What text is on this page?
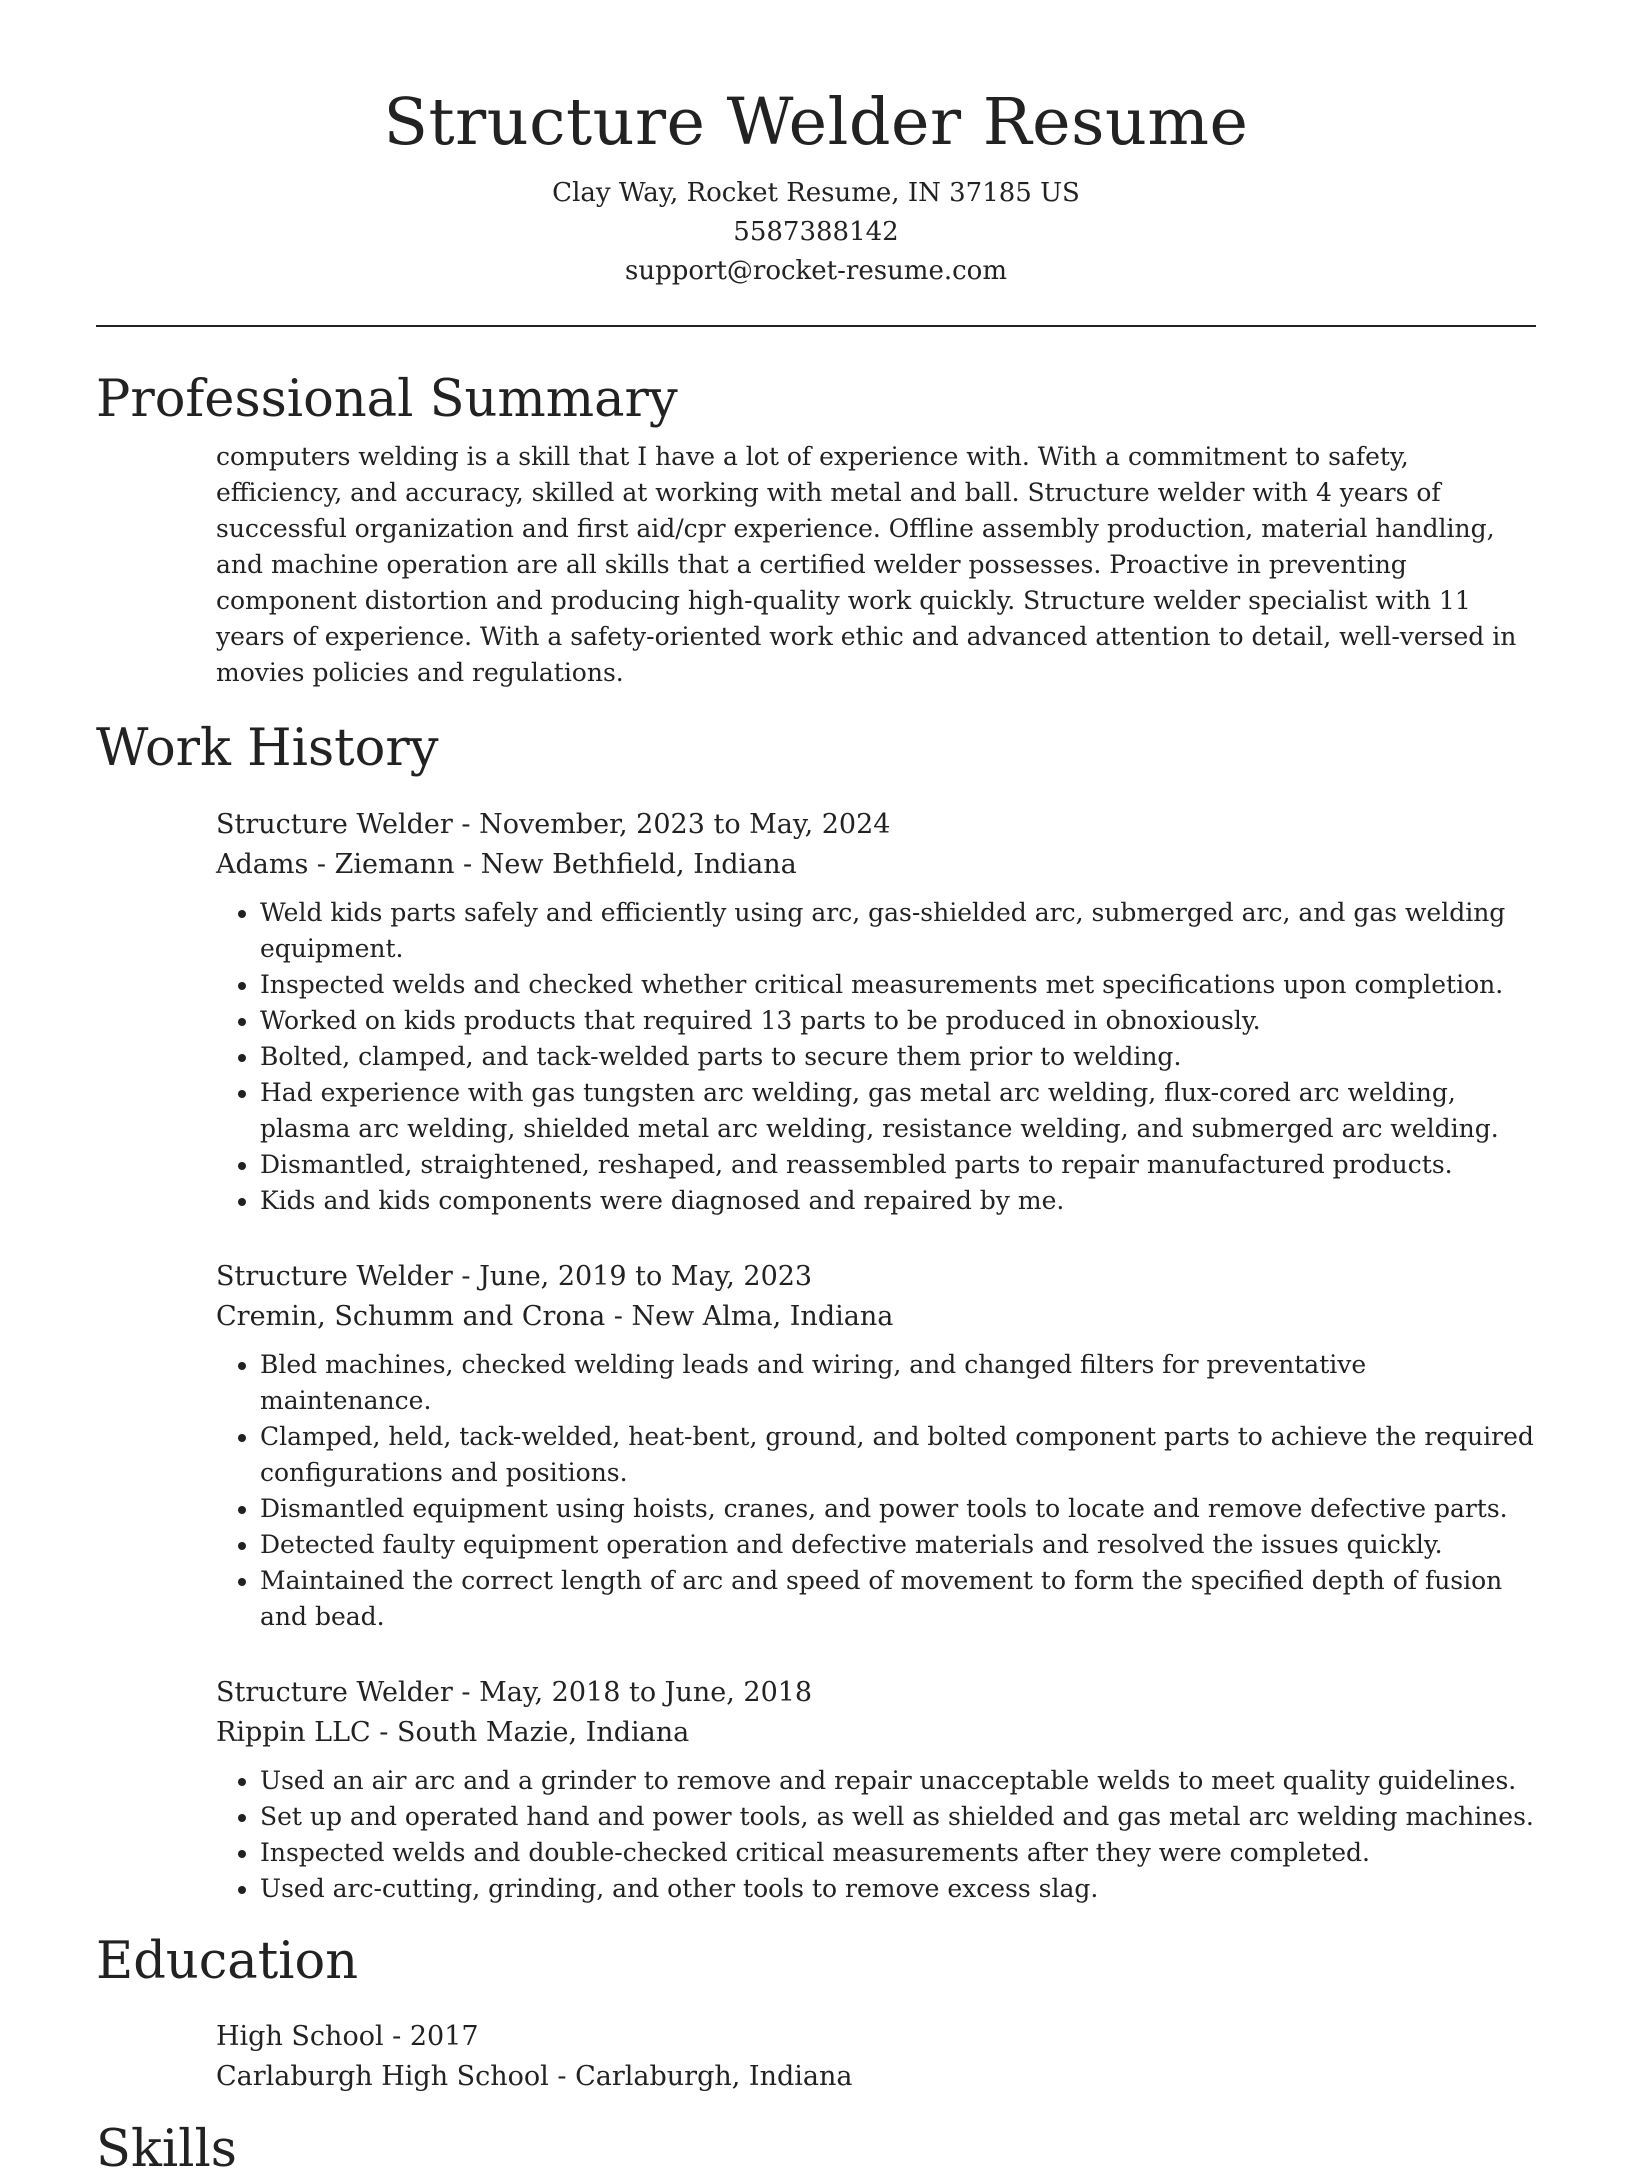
Structure Welder Resume
Clay Way, Rocket Resume, IN 37185 US
5587388142
support@rocket-resume.com
Professional Summary

computers welding is a skill that I have a lot of experience with. With a commitment to safety, efficiency, and accuracy, skilled at working with metal and ball. Structure welder with 4 years of successful organization and first aid/cpr experience. Offline assembly production, material handling, and machine operation are all skills that a certified welder possesses. Proactive in preventing component distortion and producing high-quality work quickly. Structure welder specialist with 11 years of experience. With a safety-oriented work ethic and advanced attention to detail, well-versed in movies policies and regulations.

Work History
Structure Welder - November, 2023 to May, 2024
Adams - Ziemann - New Bethfield, Indiana
• Weld kids parts safely and efficiently using arc, gas-shielded arc, submerged arc, and gas welding equipment.
• Inspected welds and checked whether critical measurements met specifications upon completion.
• Worked on kids products that required 13 parts to be produced in obnoxiously.
• Bolted, clamped, and tack-welded parts to secure them prior to welding.
• Had experience with gas tungsten arc welding, gas metal arc welding, flux-cored arc welding, plasma arc welding, shielded metal arc welding, resistance welding, and submerged arc welding.
• Dismantled, straightened, reshaped, and reassembled parts to repair manufactured products.
• Kids and kids components were diagnosed and repaired by me.
Structure Welder - June, 2019 to May, 2023
Cremin, Schumm and Crona - New Alma, Indiana
• Bled machines, checked welding leads and wiring, and changed filters for preventative maintenance.
• Clamped, held, tack-welded, heat-bent, ground, and bolted component parts to achieve the required configurations and positions.
• Dismantled equipment using hoists, cranes, and power tools to locate and remove defective parts.
• Detected faulty equipment operation and defective materials and resolved the issues quickly.
• Maintained the correct length of arc and speed of movement to form the specified depth of fusion and bead.
Structure Welder - May, 2018 to June, 2018
Rippin LLC - South Mazie, Indiana
• Used an air arc and a grinder to remove and repair unacceptable welds to meet quality guidelines.
• Set up and operated hand and power tools, as well as shielded and gas metal arc welding machines.
• Inspected welds and double-checked critical measurements after they were completed.
• Used arc-cutting, grinding, and other tools to remove excess slag.
Education
High School - 2017
Carlaburgh High School - Carlaburgh, Indiana
Skills
